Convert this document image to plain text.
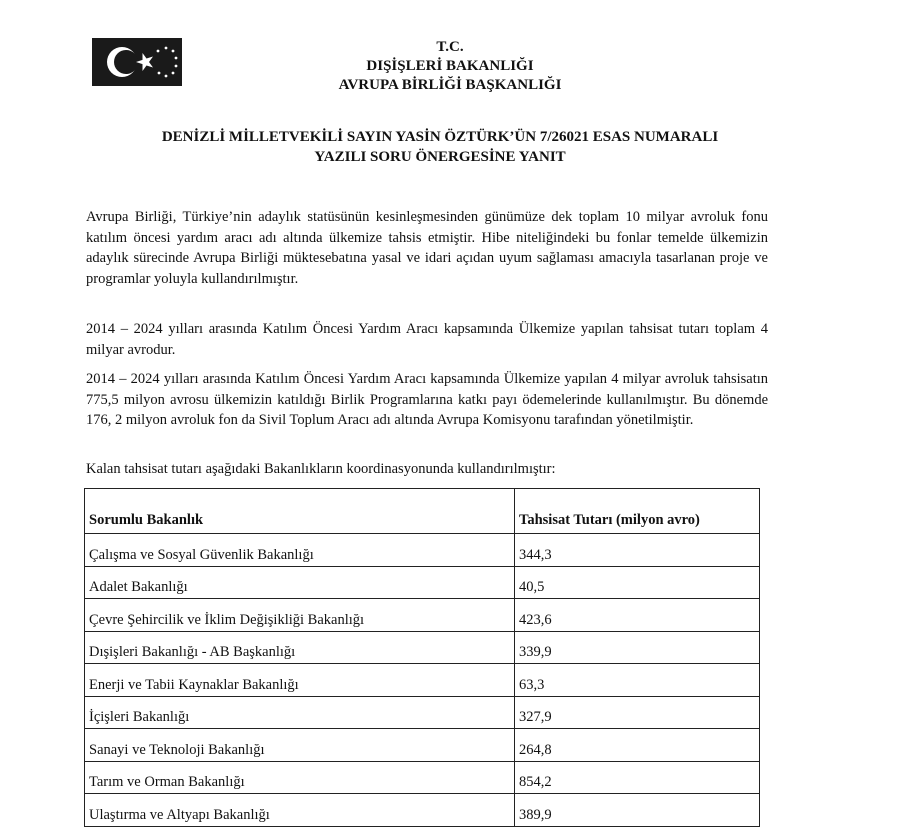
T.C.
DIŞİŞLERİ BAKANLIĞI
AVRUPA BİRLİĞİ BAŞKANLIĞI
DENİZLİ MİLLETVEKİLİ SAYIN YASİN ÖZTÜRK’ÜN 7/26021 ESAS NUMARALI
YAZILI SORU ÖNERGESİNE YANIT
Avrupa Birliği, Türkiye’nin adaylık statüsünün kesinleşmesinden günümüze dek toplam 10 milyar avroluk fonu katılım öncesi yardım aracı adı altında ülkemize tahsis etmiştir. Hibe niteliğindeki bu fonlar temelde ülkemizin adaylık sürecinde Avrupa Birliği müktesebatına yasal ve idari açıdan uyum sağlaması amacıyla tasarlanan proje ve programlar yoluyla kullandırılmıştır.
2014 – 2024 yılları arasında Katılım Öncesi Yardım Aracı kapsamında Ülkemize yapılan tahsisat tutarı toplam 4 milyar avrodur.
2014 – 2024 yılları arasında Katılım Öncesi Yardım Aracı kapsamında Ülkemize yapılan 4 milyar avroluk tahsisatın 775,5 milyon avrosu ülkemizin katıldığı Birlik Programlarına katkı payı ödemelerinde kullanılmıştır. Bu dönemde 176, 2 milyon avroluk fon da Sivil Toplum Aracı adı altında Avrupa Komisyonu tarafından yönetilmiştir.
Kalan tahsisat tutarı aşağıdaki Bakanlıkların koordinasyonunda kullandırılmıştır:
Sorumlu Bakanlık	Tahsisat Tutarı (milyon avro)
Çalışma ve Sosyal Güvenlik Bakanlığı	344,3
Adalet Bakanlığı	40,5
Çevre Şehircilik ve İklim Değişikliği Bakanlığı	423,6
Dışişleri Bakanlığı - AB Başkanlığı	339,9
Enerji ve Tabii Kaynaklar Bakanlığı	63,3
İçişleri Bakanlığı	327,9
Sanayi ve Teknoloji Bakanlığı	264,8
Tarım ve Orman Bakanlığı	854,2
Ulaştırma ve Altyapı Bakanlığı	389,9
